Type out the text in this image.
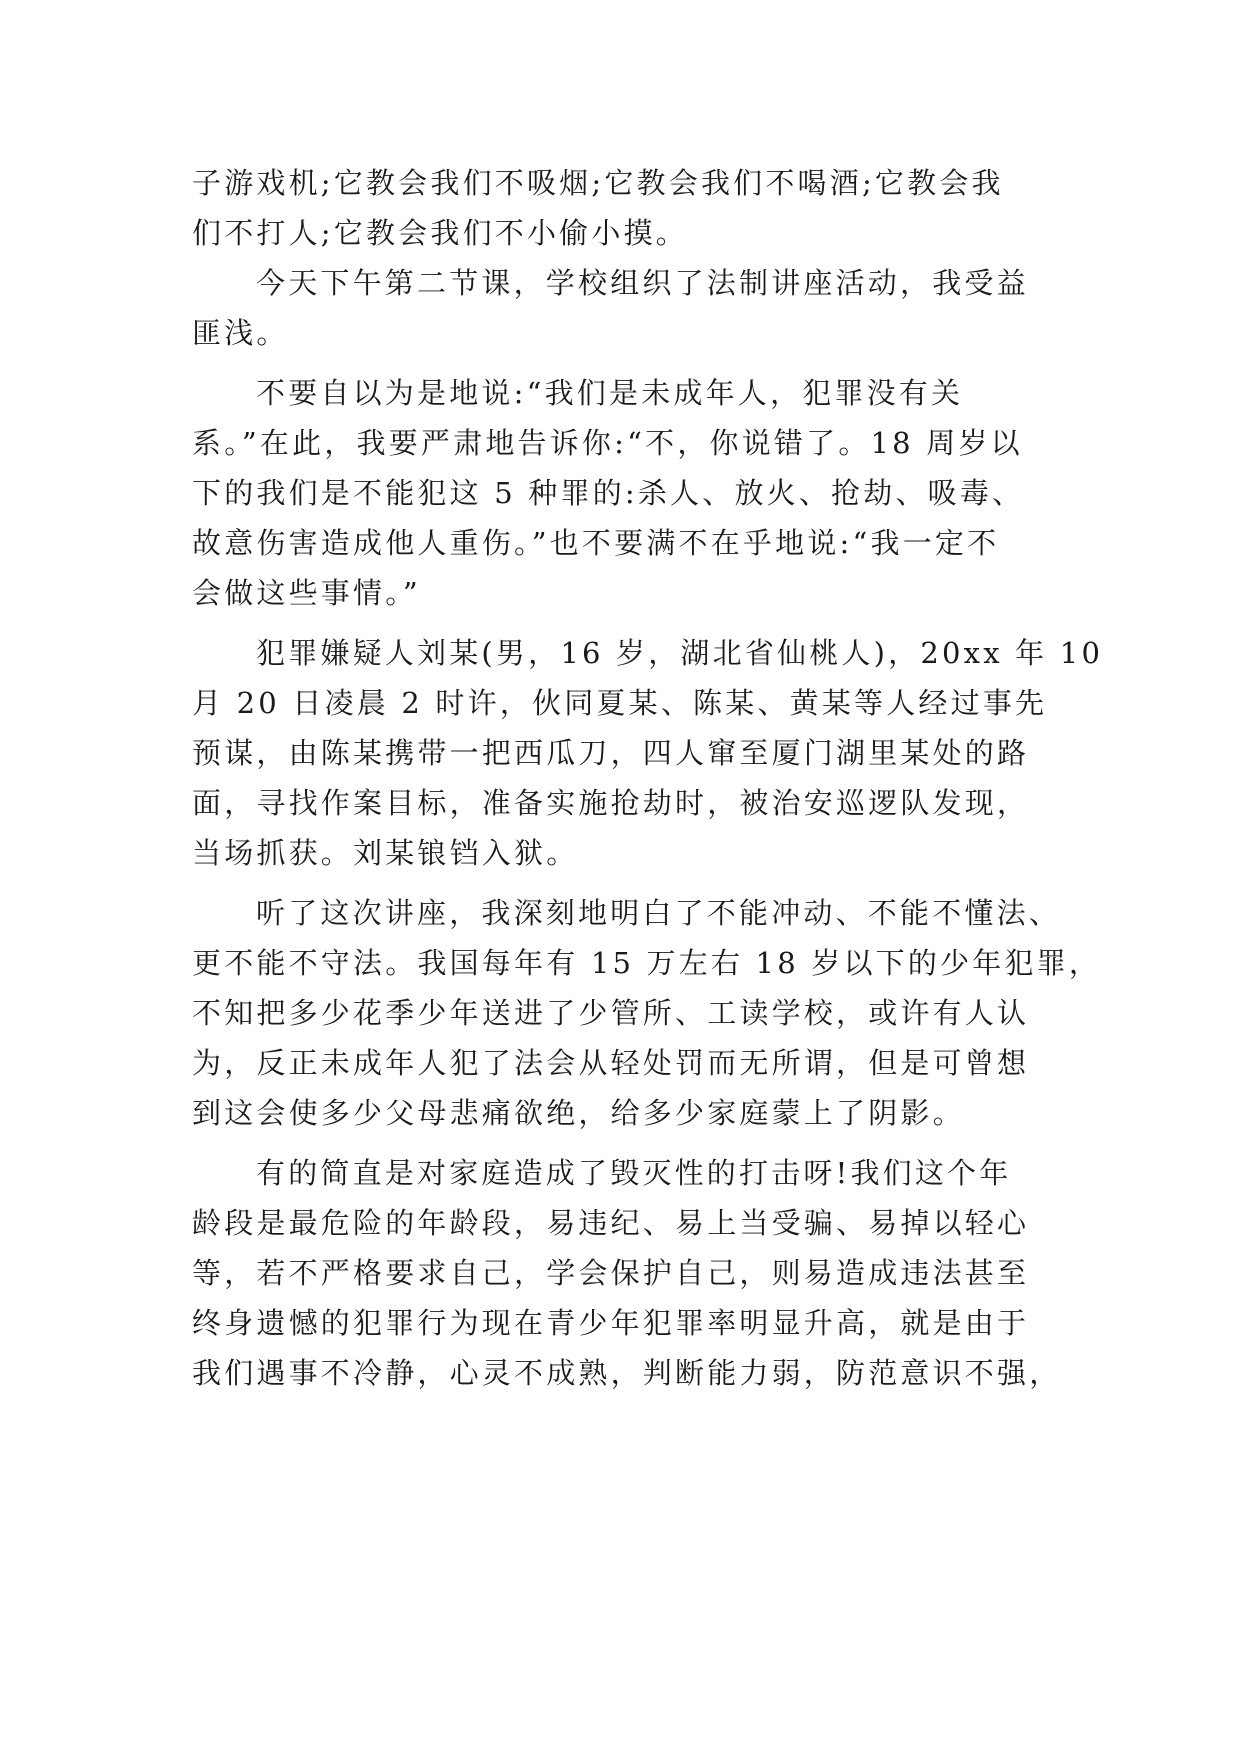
子游戏机;它教会我们不吸烟;它教会我们不喝酒;它教会我
们不打人;它教会我们不小偷小摸。
今天下午第二节课，学校组织了法制讲座活动，我受益
匪浅。
不要自以为是地说:“我们是未成年人，犯罪没有关
系。”在此，我要严肃地告诉你:“不，你说错了。18 周岁以
下的我们是不能犯这 5 种罪的:杀人、放火、抢劫、吸毒、
故意伤害造成他人重伤。”也不要满不在乎地说:“我一定不
会做这些事情。”
犯罪嫌疑人刘某(男，16 岁，湖北省仙桃人)，20xx 年 10
月 20 日凌晨 2 时许，伙同夏某、陈某、黄某等人经过事先
预谋，由陈某携带一把西瓜刀，四人窜至厦门湖里某处的路
面，寻找作案目标，准备实施抢劫时，被治安巡逻队发现，
当场抓获。刘某锒铛入狱。
听了这次讲座，我深刻地明白了不能冲动、不能不懂法、
更不能不守法。我国每年有 15 万左右 18 岁以下的少年犯罪，
不知把多少花季少年送进了少管所、工读学校，或许有人认
为，反正未成年人犯了法会从轻处罚而无所谓，但是可曾想
到这会使多少父母悲痛欲绝，给多少家庭蒙上了阴影。
有的简直是对家庭造成了毁灭性的打击呀!我们这个年
龄段是最危险的年龄段，易违纪、易上当受骗、易掉以轻心
等，若不严格要求自己，学会保护自己，则易造成违法甚至
终身遗憾的犯罪行为现在青少年犯罪率明显升高，就是由于
我们遇事不冷静，心灵不成熟，判断能力弱，防范意识不强，
